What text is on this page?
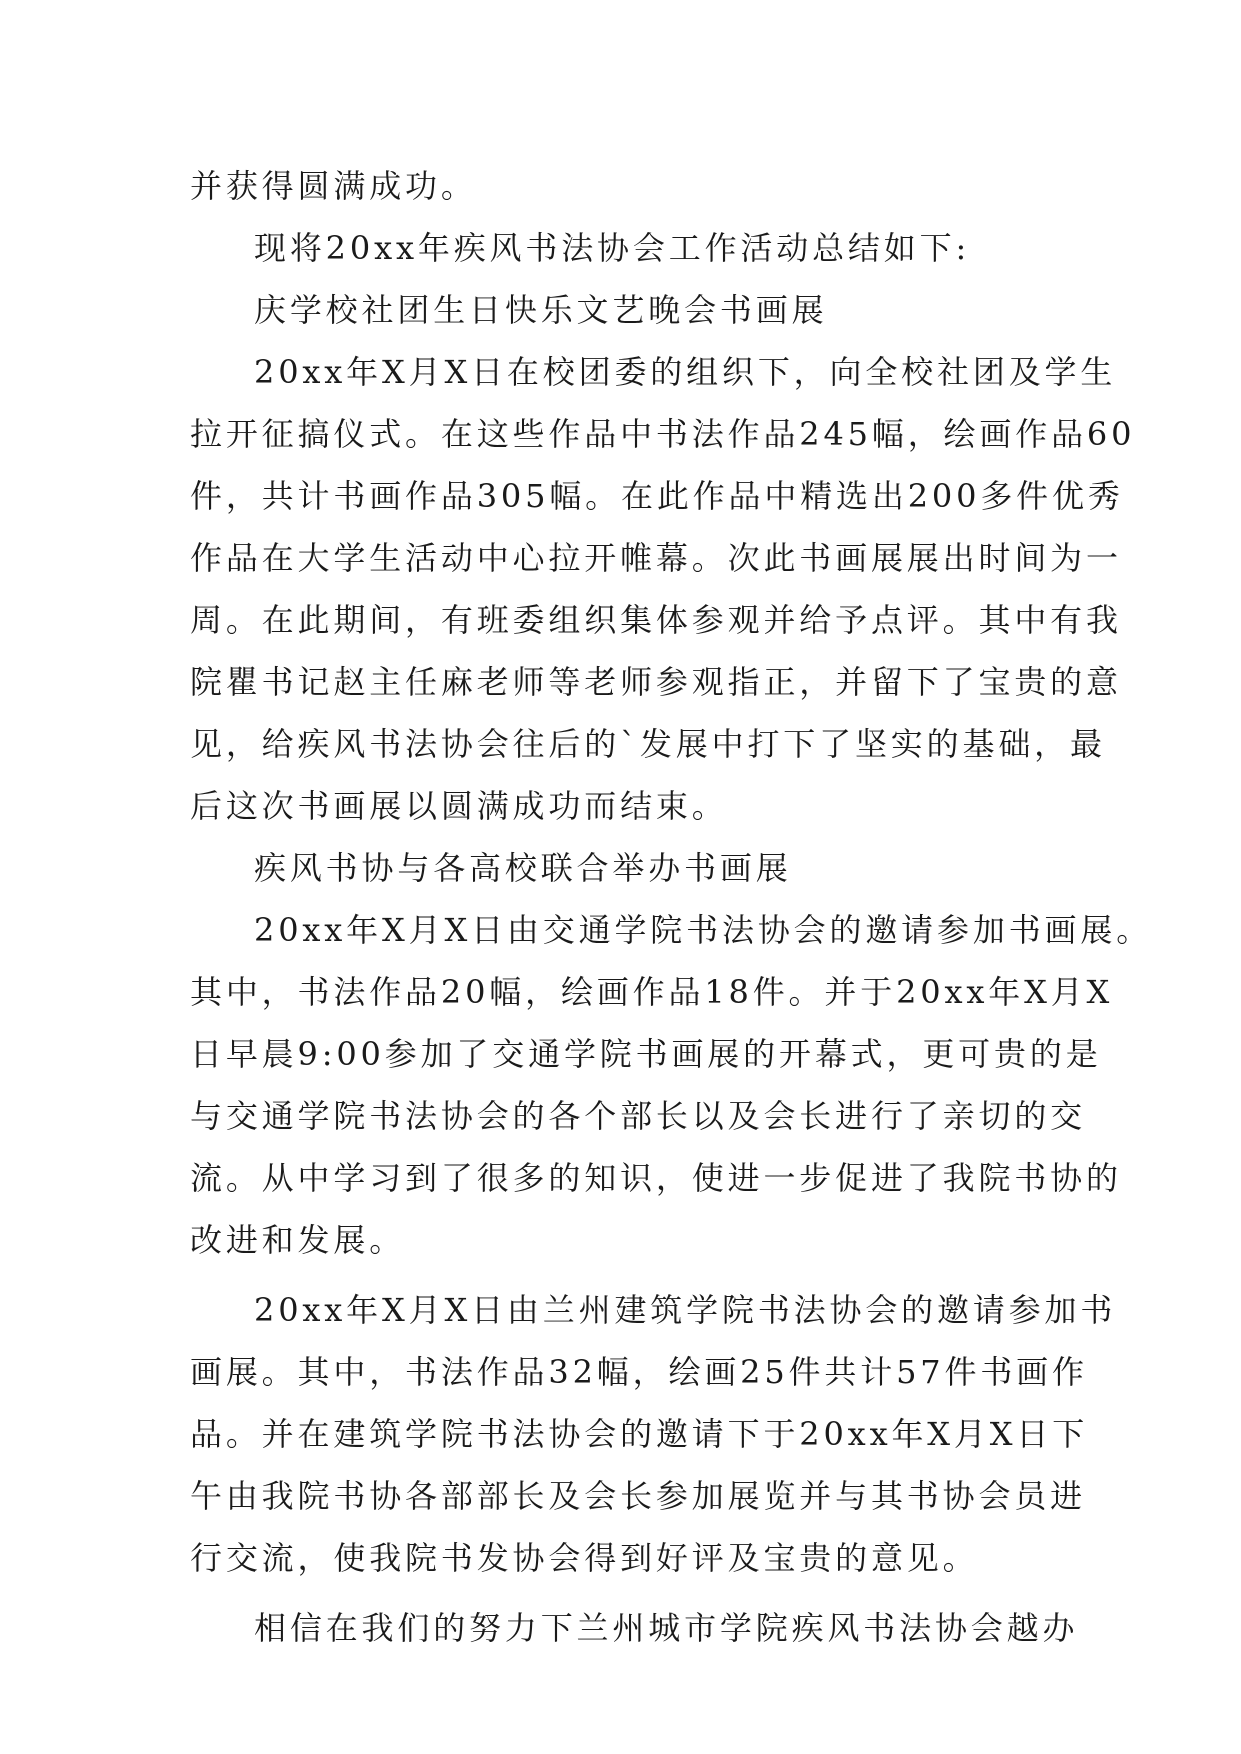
并获得圆满成功。
现将20xx年疾风书法协会工作活动总结如下:
庆学校社团生日快乐文艺晚会书画展
20xx年X月X日在校团委的组织下，向全校社团及学生
拉开征搞仪式。在这些作品中书法作品245幅，绘画作品60
件，共计书画作品305幅。在此作品中精选出200多件优秀
作品在大学生活动中心拉开帷幕。次此书画展展出时间为一
周。在此期间，有班委组织集体参观并给予点评。其中有我
院瞿书记赵主任麻老师等老师参观指正，并留下了宝贵的意
见，给疾风书法协会往后的`发展中打下了坚实的基础，最
后这次书画展以圆满成功而结束。
疾风书协与各高校联合举办书画展
20xx年X月X日由交通学院书法协会的邀请参加书画展。
其中，书法作品20幅，绘画作品18件。并于20xx年X月X
日早晨9:00参加了交通学院书画展的开幕式，更可贵的是
与交通学院书法协会的各个部长以及会长进行了亲切的交
流。从中学习到了很多的知识，使进一步促进了我院书协的
改进和发展。
20xx年X月X日由兰州建筑学院书法协会的邀请参加书
画展。其中，书法作品32幅，绘画25件共计57件书画作
品。并在建筑学院书法协会的邀请下于20xx年X月X日下
午由我院书协各部部长及会长参加展览并与其书协会员进
行交流，使我院书发协会得到好评及宝贵的意见。
相信在我们的努力下兰州城市学院疾风书法协会越办
